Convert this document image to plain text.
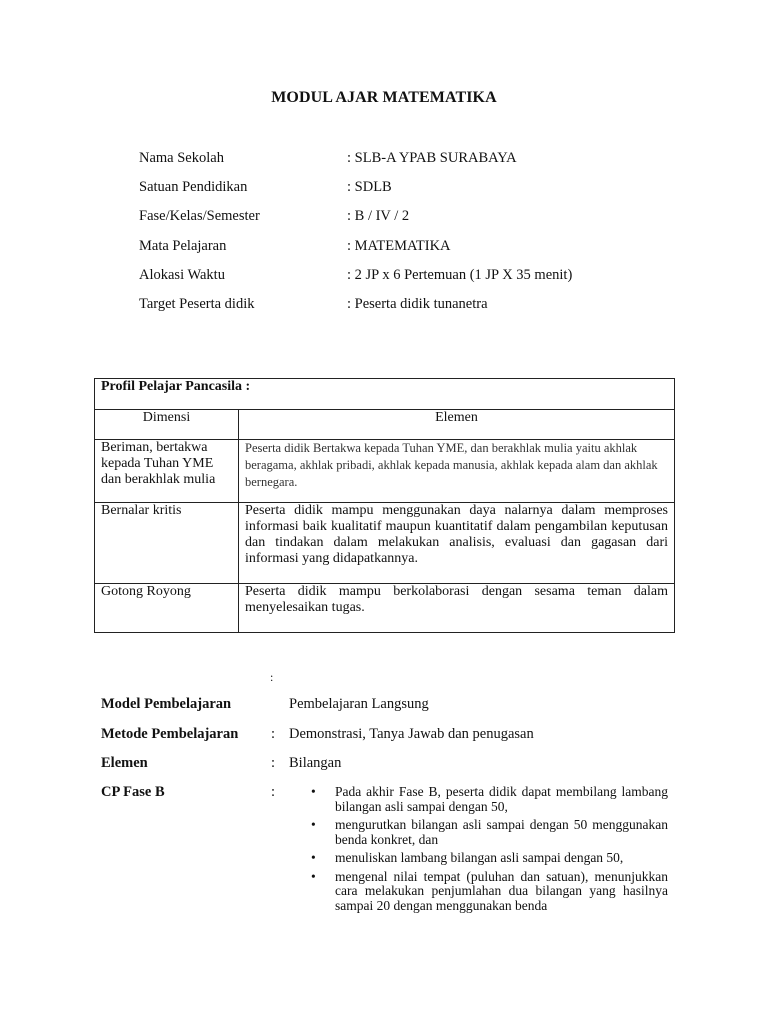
MODUL AJAR MATEMATIKA
Nama Sekolah	: SLB-A YPAB SURABAYA
Satuan Pendidikan	: SDLB
Fase/Kelas/Semester	: B / IV / 2
Mata Pelajaran	: MATEMATIKA
Alokasi Waktu	: 2 JP x 6 Pertemuan (1 JP X 35 menit)
Target Peserta didik	: Peserta didik tunanetra
Profil Pelajar Pancasila :	
Dimensi	Elemen
Beriman, bertakwa kepada Tuhan YME dan berakhlak mulia	Peserta didik Bertakwa kepada Tuhan YME, dan berakhlak mulia yaitu akhlak beragama, akhlak pribadi, akhlak kepada manusia, akhlak kepada alam dan akhlak bernegara.
Bernalar kritis	Peserta didik mampu menggunakan daya nalarnya dalam memproses informasi baik kualitatif maupun kuantitatif dalam pengambilan keputusan dan tindakan dalam melakukan analisis, evaluasi dan gagasan dari informasi yang didapatkannya.
Gotong Royong	Peserta didik mampu berkolaborasi dengan sesama teman dalam menyelesaikan tugas.
:
Model Pembelajaran	Pembelajaran Langsung
Metode Pembelajaran	: Demonstrasi, Tanya Jawab dan penugasan
Elemen	: Bilangan
CP Fase B	:	• Pada akhir Fase B, peserta didik dapat membilang lambang bilangan asli sampai dengan 50,
• mengurutkan bilangan asli sampai dengan 50 menggunakan benda konkret, dan
• menuliskan lambang bilangan asli sampai dengan 50,
• mengenal nilai tempat (puluhan dan satuan), menunjukkan cara melakukan penjumlahan dua bilangan yang hasilnya sampai 20 dengan menggunakan benda
